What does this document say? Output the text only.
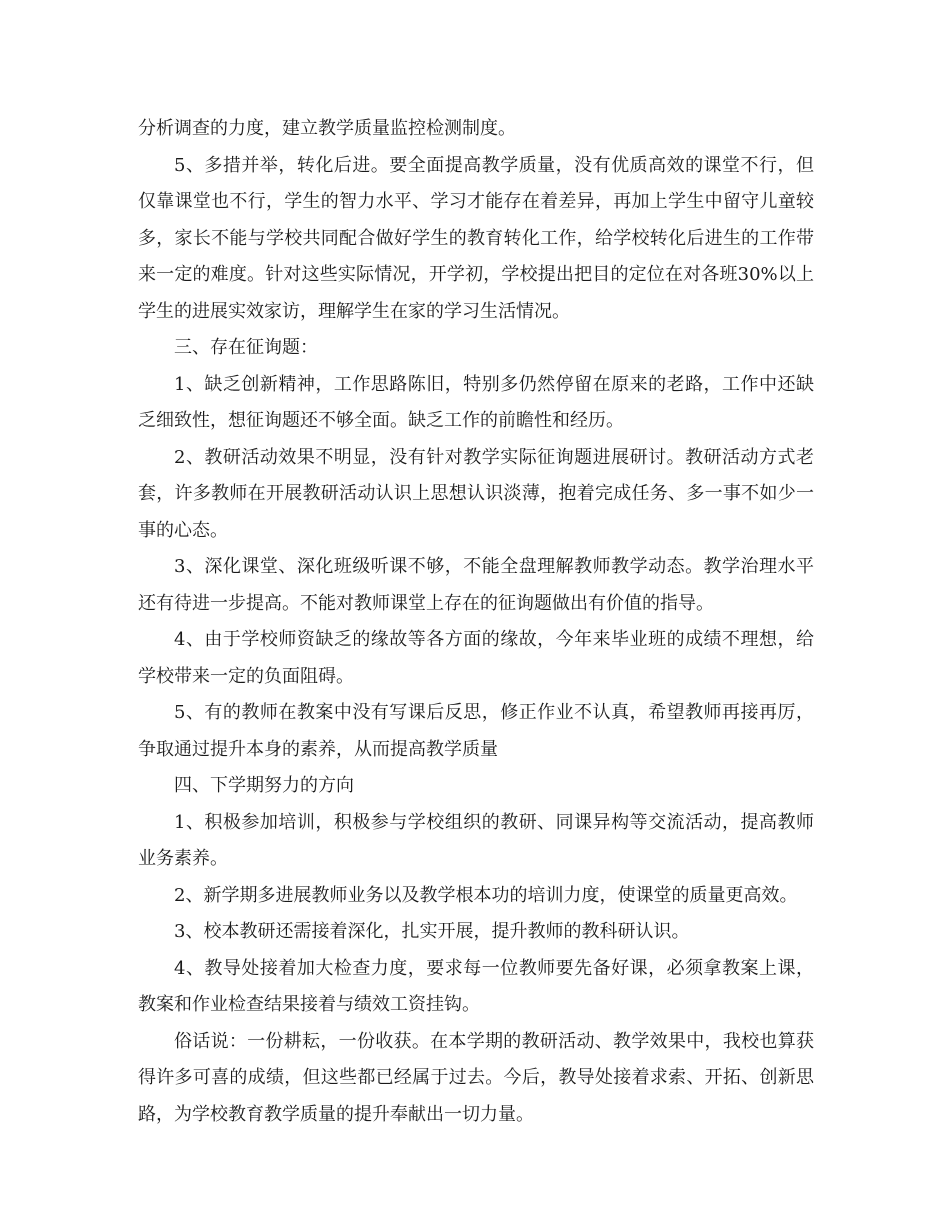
分析调查的力度，建立教学质量监控检测制度。

5、多措并举，转化后进。要全面提高教学质量，没有优质高效的课堂不行，但仅靠课堂也不行，学生的智力水平、学习才能存在着差异，再加上学生中留守儿童较多，家长不能与学校共同配合做好学生的教育转化工作，给学校转化后进生的工作带来一定的难度。针对这些实际情况，开学初，学校提出把目的定位在对各班30%以上学生的进展实效家访，理解学生在家的学习生活情况。

三、存在征询题：

1、缺乏创新精神，工作思路陈旧，特别多仍然停留在原来的老路，工作中还缺乏细致性，想征询题还不够全面。缺乏工作的前瞻性和经历。

2、教研活动效果不明显，没有针对教学实际征询题进展研讨。教研活动方式老套，许多教师在开展教研活动认识上思想认识淡薄，抱着完成任务、多一事不如少一事的心态。

3、深化课堂、深化班级听课不够，不能全盘理解教师教学动态。教学治理水平还有待进一步提高。不能对教师课堂上存在的征询题做出有价值的指导。

4、由于学校师资缺乏的缘故等各方面的缘故，今年来毕业班的成绩不理想，给学校带来一定的负面阻碍。

5、有的教师在教案中没有写课后反思，修正作业不认真，希望教师再接再厉，争取通过提升本身的素养，从而提高教学质量

四、下学期努力的方向

1、积极参加培训，积极参与学校组织的教研、同课异构等交流活动，提高教师业务素养。

2、新学期多进展教师业务以及教学根本功的培训力度，使课堂的质量更高效。

3、校本教研还需接着深化，扎实开展，提升教师的教科研认识。

4、教导处接着加大检查力度，要求每一位教师要先备好课，必须拿教案上课，教案和作业检查结果接着与绩效工资挂钩。

俗话说：一份耕耘，一份收获。在本学期的教研活动、教学效果中，我校也算获得许多可喜的成绩，但这些都已经属于过去。今后，教导处接着求索、开拓、创新思路，为学校教育教学质量的提升奉献出一切力量。
